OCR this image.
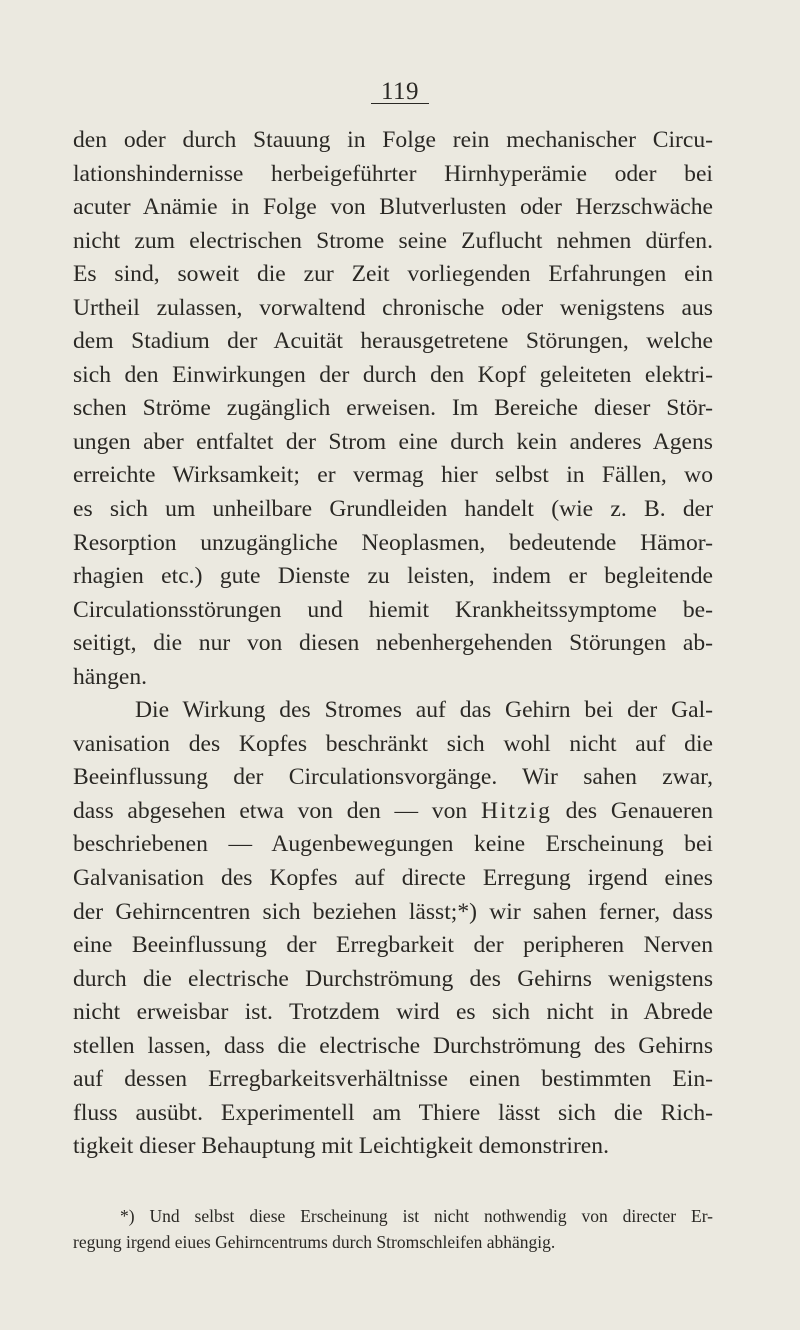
119
den oder durch Stauung in Folge rein mechanischer Circu-
lationshindernisse herbeigeführter Hirnhyperämie oder bei
acuter Anämie in Folge von Blutverlusten oder Herzschwäche
nicht zum electrischen Strome seine Zuflucht nehmen dürfen.
Es sind, soweit die zur Zeit vorliegenden Erfahrungen ein
Urtheil zulassen, vorwaltend chronische oder wenigstens aus
dem Stadium der Acuität herausgetretene Störungen, welche
sich den Einwirkungen der durch den Kopf geleiteten elektri-
schen Ströme zugänglich erweisen. Im Bereiche dieser Stör-
ungen aber entfaltet der Strom eine durch kein anderes Agens
erreichte Wirksamkeit; er vermag hier selbst in Fällen, wo
es sich um unheilbare Grundleiden handelt (wie z. B. der
Resorption unzugängliche Neoplasmen, bedeutende Hämor-
rhagien etc.) gute Dienste zu leisten, indem er begleitende
Circulationsstörungen und hiemit Krankheitssymptome be-
seitigt, die nur von diesen nebenhergehenden Störungen ab-
hängen.
Die Wirkung des Stromes auf das Gehirn bei der Gal-
vanisation des Kopfes beschränkt sich wohl nicht auf die
Beeinflussung der Circulationsvorgänge. Wir sahen zwar,
dass abgesehen etwa von den — von Hitzig des Genaueren
beschriebenen — Augenbewegungen keine Erscheinung bei
Galvanisation des Kopfes auf directe Erregung irgend eines
der Gehirncentren sich beziehen lässt;*) wir sahen ferner, dass
eine Beeinflussung der Erregbarkeit der peripheren Nerven
durch die electrische Durchströmung des Gehirns wenigstens
nicht erweisbar ist. Trotzdem wird es sich nicht in Abrede
stellen lassen, dass die electrische Durchströmung des Gehirns
auf dessen Erregbarkeitsverhältnisse einen bestimmten Ein-
fluss ausübt. Experimentell am Thiere lässt sich die Rich-
tigkeit dieser Behauptung mit Leichtigkeit demonstriren.
*) Und selbst diese Erscheinung ist nicht nothwendig von directer Er-
regung irgend eiues Gehirncentrums durch Stromschleifen abhängig.
